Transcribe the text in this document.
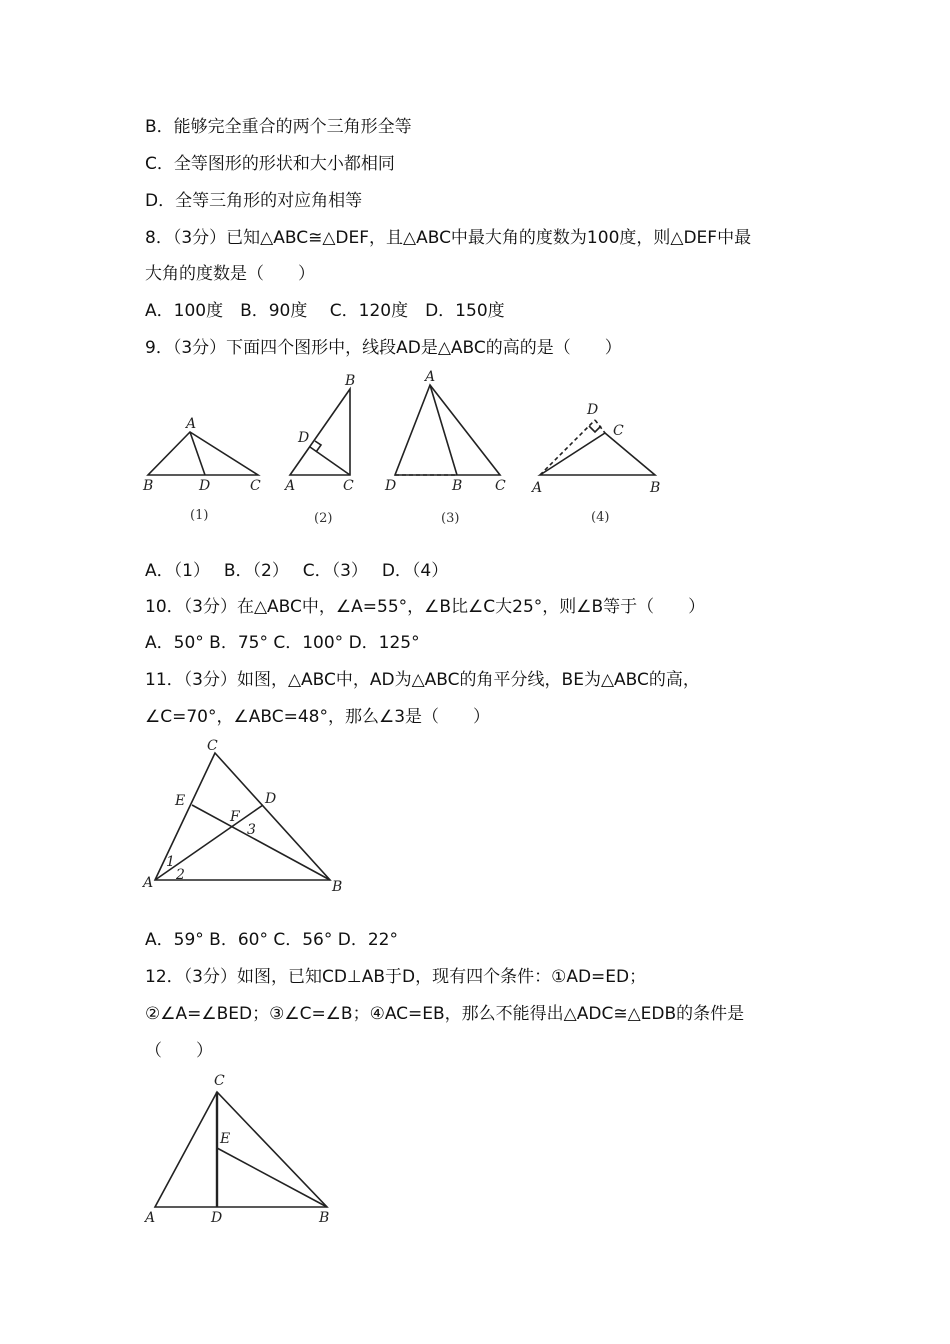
B．能够完全重合的两个三角形全等
C．全等图形的形状和大小都相同
D．全等三角形的对应角相等
8．（3分）已知△ABC≅△DEF，且△ABC中最大角的度数为100度，则△DEF中最
大角的度数是（　　）
A．100度　B．90度　 C．120度　D．150度
9．（3分）下面四个图形中，线段AD是△ABC的高的是（　　）
A
B	D	C
(1)
B
D
A	C
(2)
A
D	B C
(3)
D
C
A	B
(4)
A．（1）　 B．（2）　 C．（3）　 D．（4）
10．（3分）在△ABC中，∠A=55°，∠B比∠C大25°，则∠B等于（　　）
A．50° B．75° C．100° D．125°
11．（3分）如图，△ABC中，AD为△ABC的角平分线，BE为△ABC的高，
∠C=70°，∠ABC=48°，那么∠3是（　　）
C
E	D
F
3
1
2
A	B
A．59° B．60° C．56° D．22°
12．（3分）如图，已知CD⊥AB于D，现有四个条件：①AD=ED；
②∠A=∠BED；③∠C=∠B；④AC=EB，那么不能得出△ADC≅△EDB的条件是
（　　）
C
E
A	D	B
